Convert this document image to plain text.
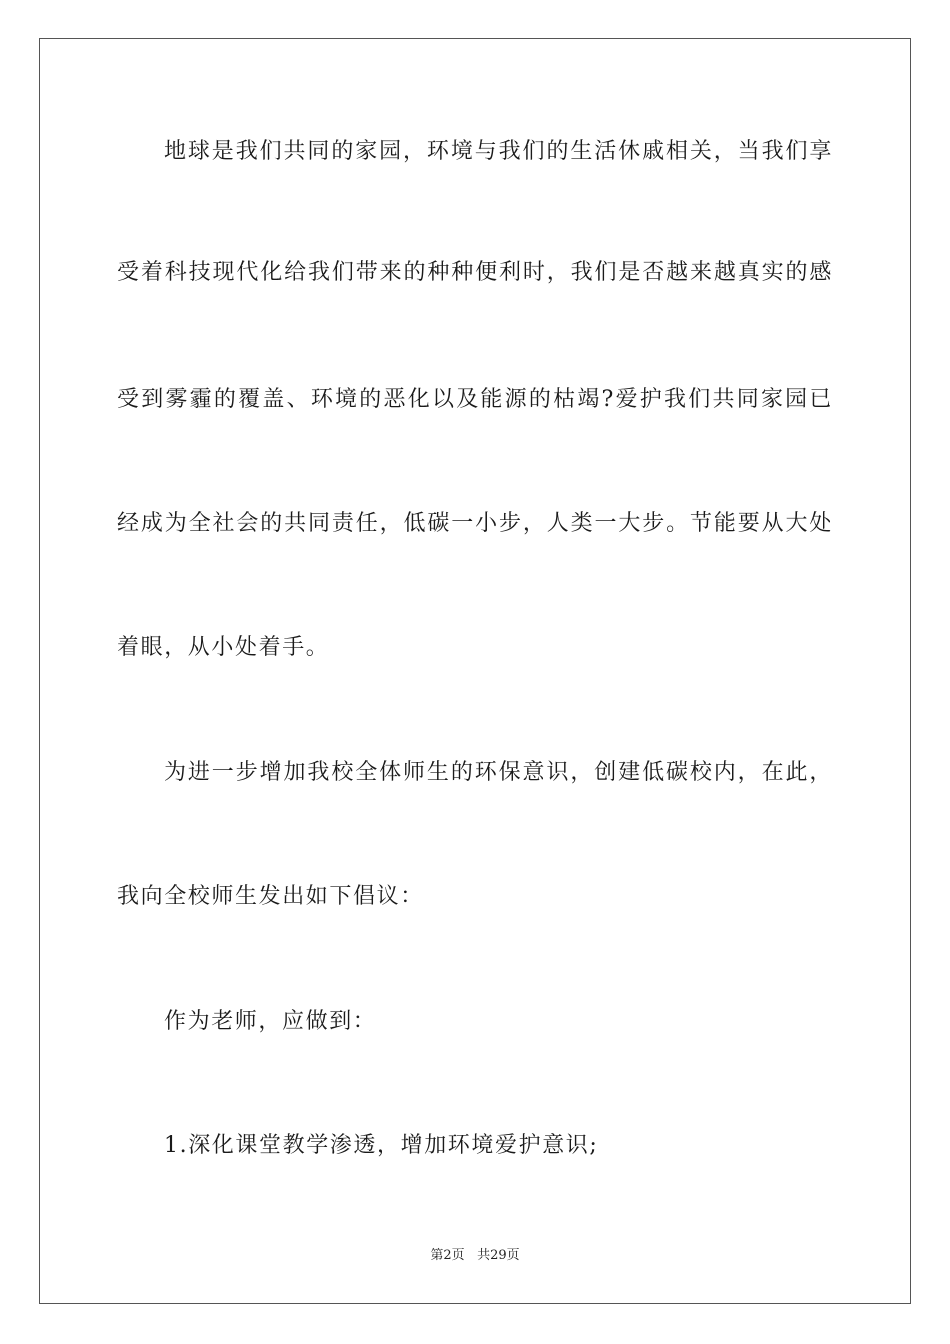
地球是我们共同的家园，环境与我们的生活休戚相关，当我们享
受着科技现代化给我们带来的种种便利时，我们是否越来越真实的感
受到雾霾的覆盖、环境的恶化以及能源的枯竭?爱护我们共同家园已
经成为全社会的共同责任，低碳一小步，人类一大步。节能要从大处
着眼，从小处着手。
为进一步增加我校全体师生的环保意识，创建低碳校内，在此，
我向全校师生发出如下倡议：
作为老师，应做到：
1.深化课堂教学渗透，增加环境爱护意识;
第2页 共29页
